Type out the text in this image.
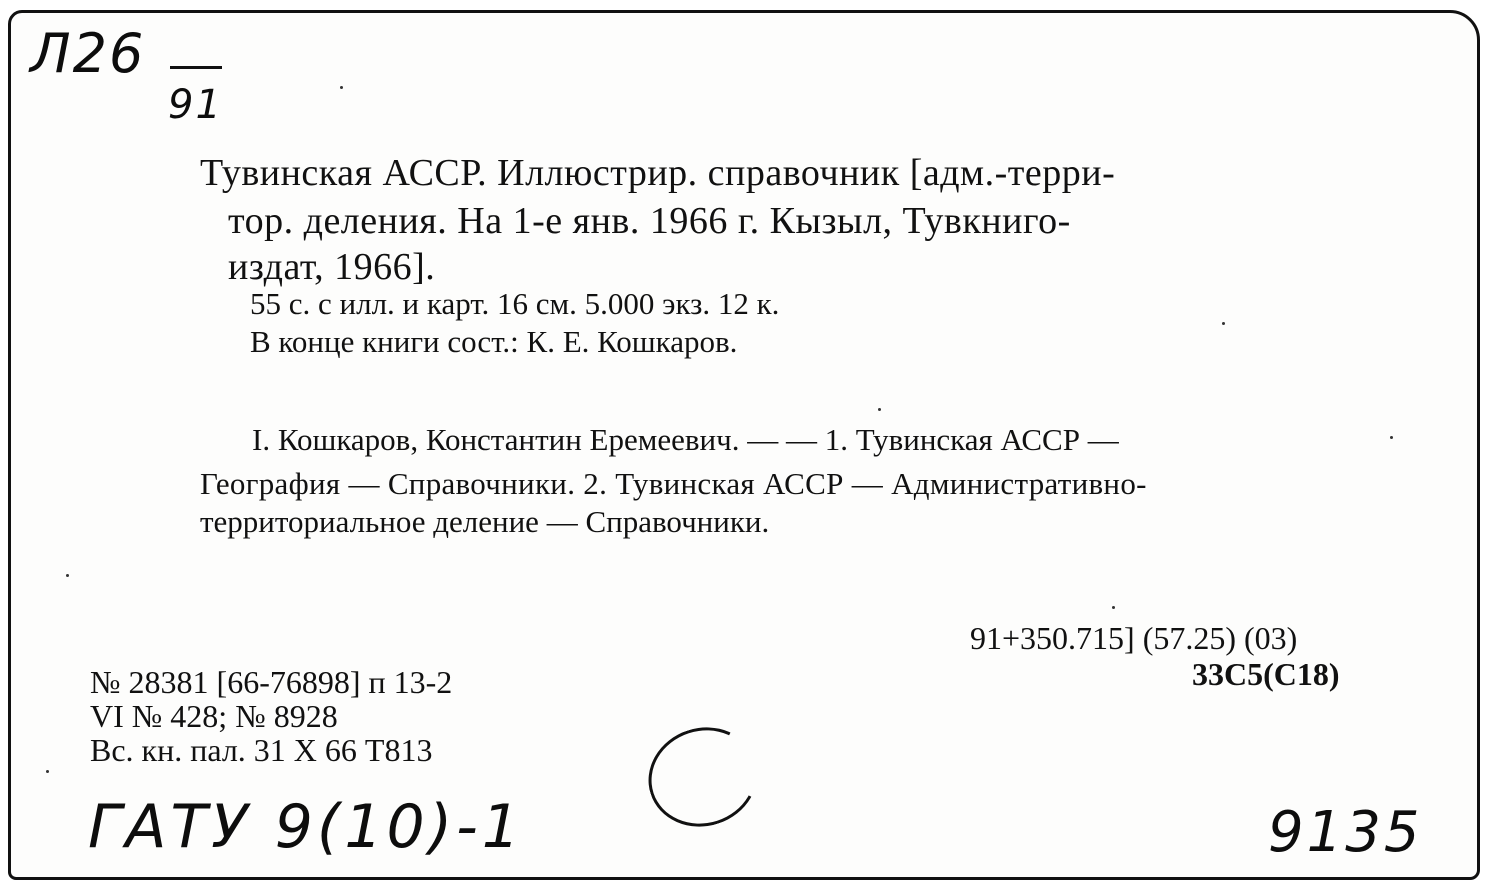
Л26
91
Тувинская АССР. Иллюстрир. справочник [адм.-терри-
тор. деления. На 1-е янв. 1966 г. Кызыл, Тувкниго-
издат, 1966].
55 с. с илл. и карт. 16 см. 5.000 экз. 12 к.
В конце книги сост.: К. Е. Кошкаров.
I. Кошкаров, Константин Еремеевич. — — 1. Тувинская АССР —
География — Справочники. 2. Тувинская АССР — Административно-
территориальное деление — Справочники.
91+350.715] (57.25) (03)
33С5(С18)
№ 28381 [66-76898] п 13-2
VI № 428; № 8928
Вс. кн. пал. 31 Х 66 Т813
ГАТУ 9(10)-1	9135
